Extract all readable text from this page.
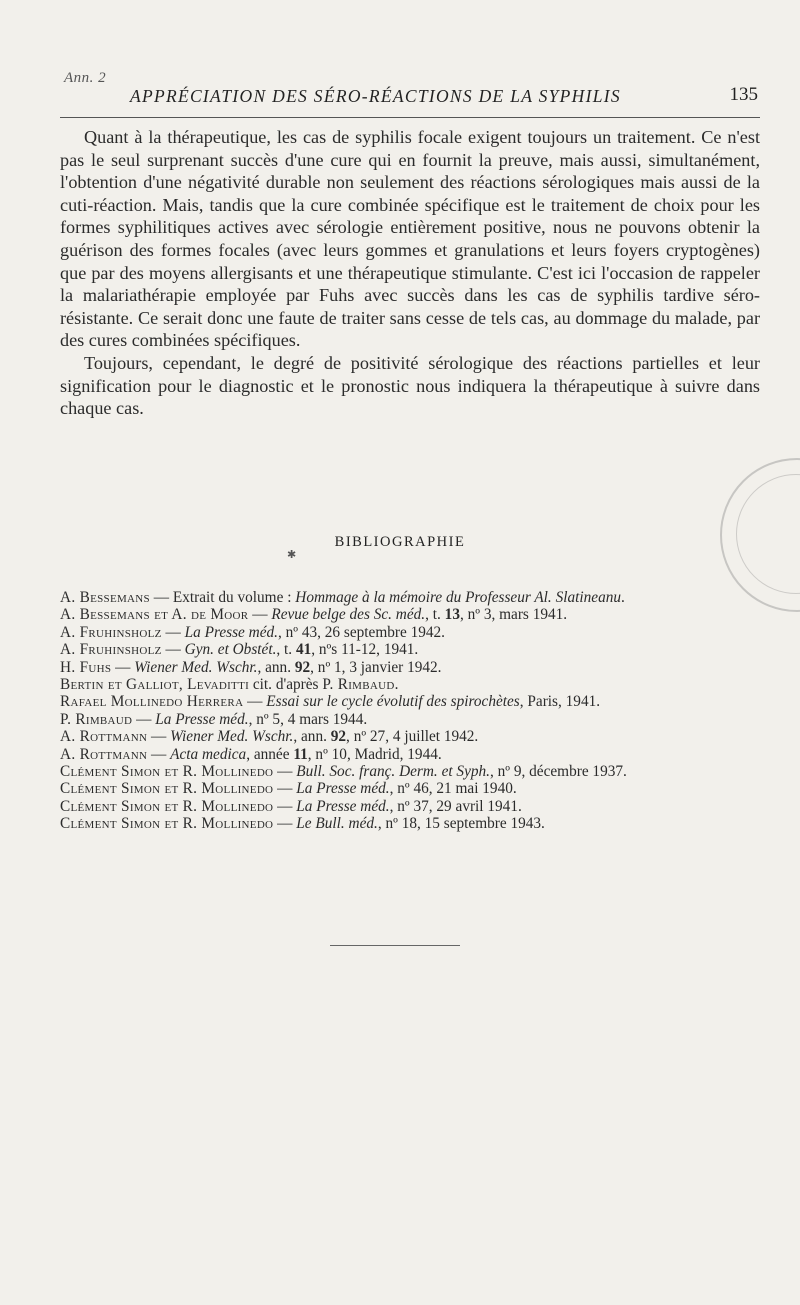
Ann. 2
APPRÉCIATION DES SÉRO-RÉACTIONS DE LA SYPHILIS	135

Quant à la thérapeutique, les cas de syphilis focale exigent toujours un traitement. Ce n'est pas le seul surprenant succès d'une cure qui en fournit la preuve, mais aussi, simultanément, l'obtention d'une négativité durable non seulement des réactions sérologiques mais aussi de la cuti-réaction. Mais, tandis que la cure combinée spécifique est le traitement de choix pour les formes syphilitiques actives avec sérologie entièrement positive, nous ne pouvons obtenir la guérison des formes focales (avec leurs gommes et granulations et leurs foyers cryptogènes) que par des moyens allergisants et une thérapeutique stimulante. C'est ici l'occasion de rappeler la malariathérapie employée par Fuhs avec succès dans les cas de syphilis tardive séro-résistante. Ce serait donc une faute de traiter sans cesse de tels cas, au dommage du malade, par des cures combinées spécifiques.

Toujours, cependant, le degré de positivité sérologique des réactions partielles et leur signification pour le diagnostic et le pronostic nous indiquera la thérapeutique à suivre dans chaque cas.

BIBLIOGRAPHIE
✱
A. Bessemans — Extrait du volume : Hommage à la mémoire du Professeur Al. Slatineanu.
A. Bessemans et A. de Moor — Revue belge des Sc. méd., t. 13, nº 3, mars 1941.
A. Fruhinsholz — La Presse méd., nº 43, 26 septembre 1942.
A. Fruhinsholz — Gyn. et Obstét., t. 41, nºs 11-12, 1941.
H. Fuhs — Wiener Med. Wschr., ann. 92, nº 1, 3 janvier 1942.
Bertin et Galliot, Levaditti cit. d'après P. Rimbaud.
Rafael Mollinedo Herrera — Essai sur le cycle évolutif des spirochètes, Paris, 1941.
P. Rimbaud — La Presse méd., nº 5, 4 mars 1944.
A. Rottmann — Wiener Med. Wschr., ann. 92, nº 27, 4 juillet 1942.
A. Rottmann — Acta medica, année 11, nº 10, Madrid, 1944.
Clément Simon et R. Mollinedo — Bull. Soc. franç. Derm. et Syph., nº 9, décembre 1937.
Clément Simon et R. Mollinedo — La Presse méd., nº 46, 21 mai 1940.
Clément Simon et R. Mollinedo — La Presse méd., nº 37, 29 avril 1941.
Clément Simon et R. Mollinedo — Le Bull. méd., nº 18, 15 septembre 1943.
